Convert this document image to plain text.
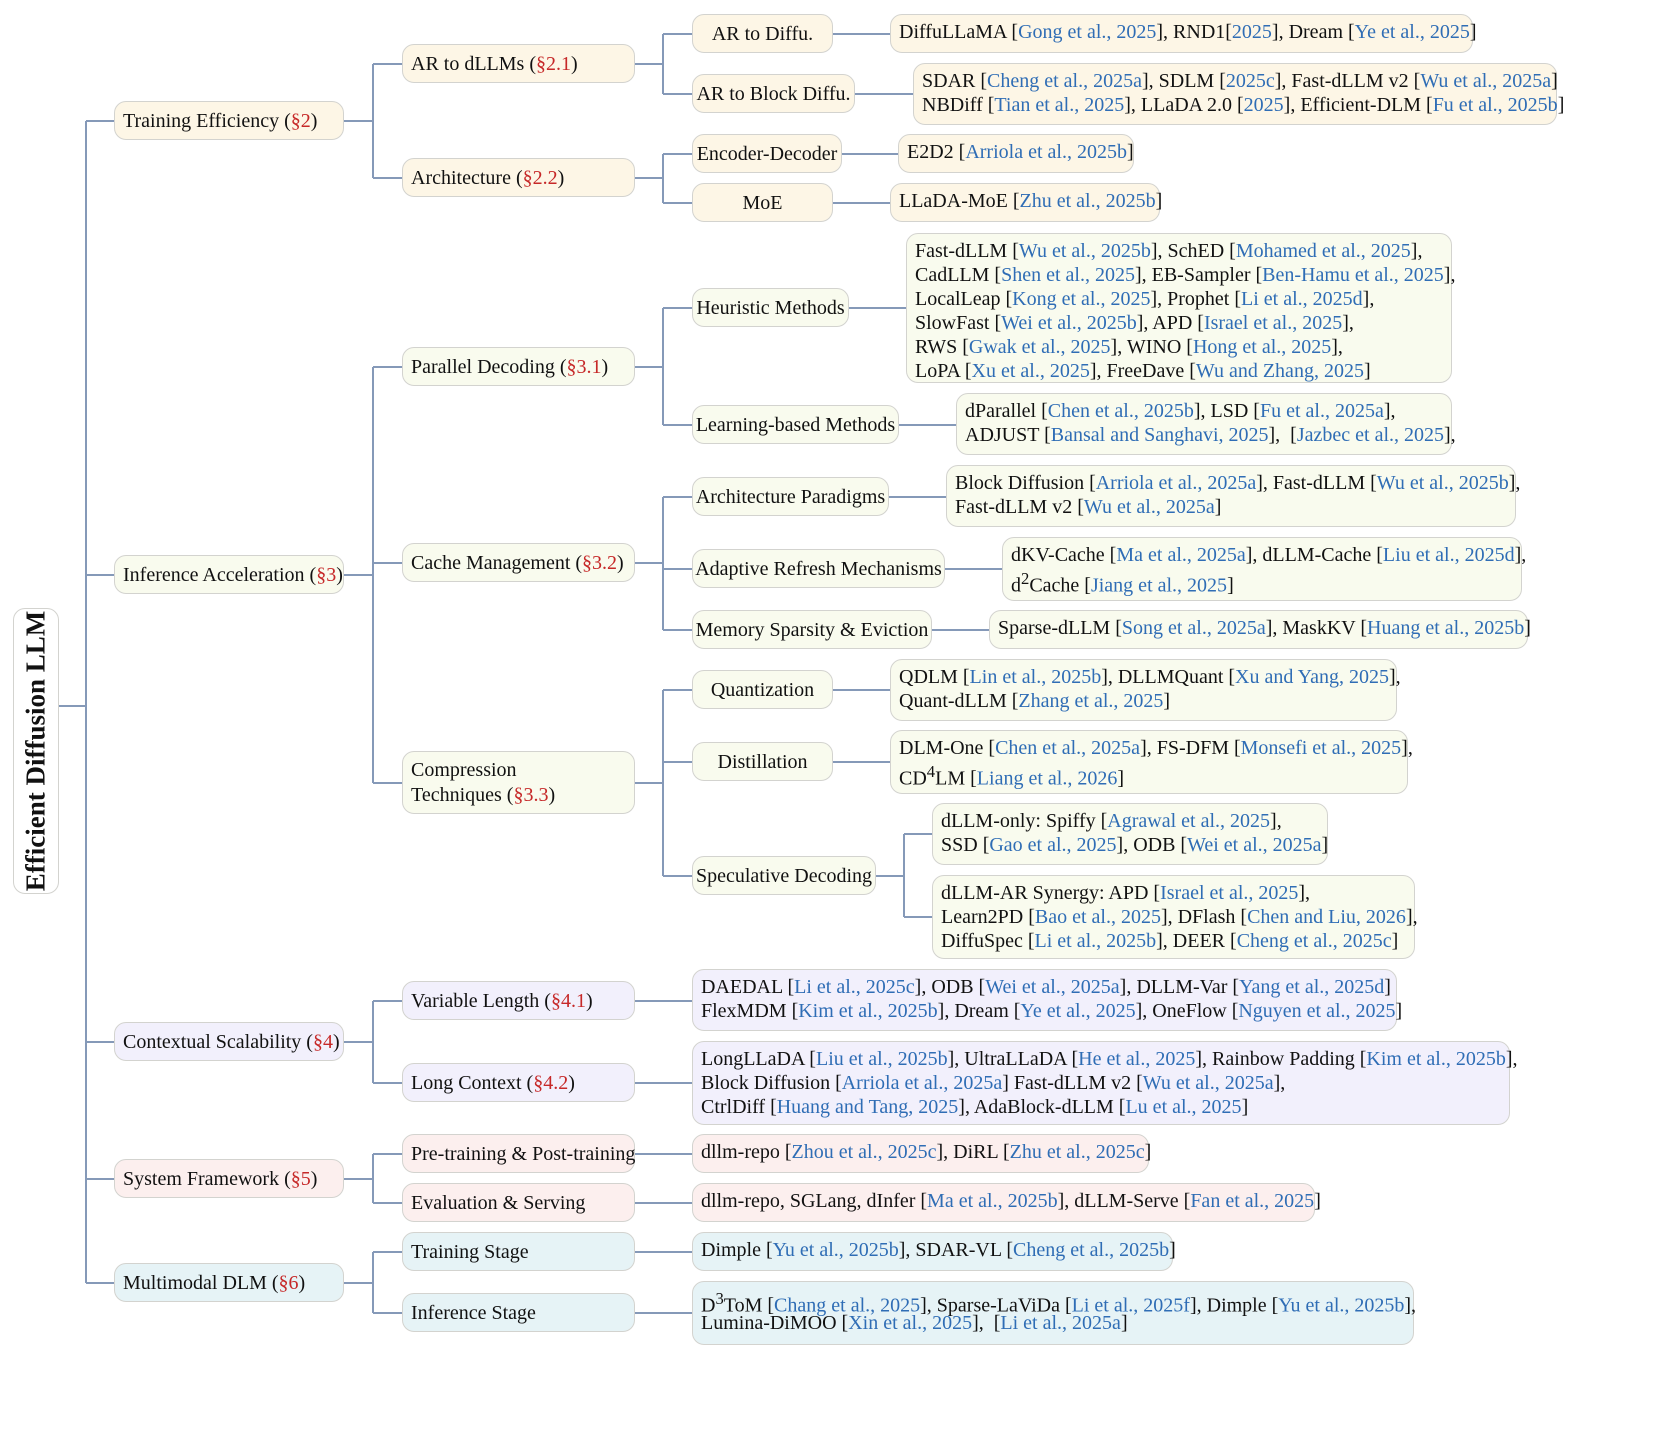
Efficient Diffusion LLM
Training Efficiency ( §2 )
AR to dLLMs ( §2.1 )
AR to Diffu.	DiffuLLaMA [Gong et al., 2025], RND1[2025], Dream [Ye et al., 2025]
AR to Block Diffu.
SDAR [Cheng et al., 2025a], SDLM [2025c], Fast-dLLM v2 [Wu et al., 2025a]
NBDiff [Tian et al., 2025], LLaDA 2.0 [2025], Efficient-DLM [Fu et al., 2025b]
Architecture ( §2.2 )
Encoder-Decoder	E2D2 [Arriola et al., 2025b]
MoE	LLaDA-MoE [Zhu et al., 2025b]
Inference Acceleration ( §3 )
Parallel Decoding ( §3.1 )
Heuristic Methods
Fast-dLLM [Wu et al., 2025b], SchED [Mohamed et al., 2025],
CadLLM [Shen et al., 2025], EB-Sampler [Ben-Hamu et al., 2025],
LocalLeap [Kong et al., 2025], Prophet [Li et al., 2025d],
SlowFast [Wei et al., 2025b], APD [Israel et al., 2025],
RWS [Gwak et al., 2025], WINO [Hong et al., 2025],
LoPA [Xu et al., 2025], FreeDave [Wu and Zhang, 2025]
Learning-based Methods
dParallel [Chen et al., 2025b], LSD [Fu et al., 2025a],
ADJUST [Bansal and Sanghavi, 2025],  [Jazbec et al., 2025],
Cache Management ( §3.2 )
Architecture Paradigms
Block Diffusion [Arriola et al., 2025a], Fast-dLLM [Wu et al., 2025b],
Fast-dLLM v2 [Wu et al., 2025a]
Adaptive Refresh Mechanisms
dKV-Cache [Ma et al., 2025a], dLLM-Cache [Liu et al., 2025d],
$d^2Cache$ [Jiang et al., 2025]
Memory Sparsity & Eviction	Sparse-dLLM [Song et al., 2025a], MaskKV [Huang et al., 2025b]
Compression
Techniques (§3.3)
Quantization
QDLM [Lin et al., 2025b], DLLMQuant [Xu and Yang, 2025],
Quant-dLLM [Zhang et al., 2025]
Distillation
DLM-One [Chen et al., 2025a], FS-DFM [Monsefi et al., 2025],
$CD^4LM$ [Liang et al., 2026]
Speculative Decoding
dLLM-only: Spiffy [Agrawal et al., 2025],
SSD [Gao et al., 2025], ODB [Wei et al., 2025a]
dLLM-AR Synergy: APD [Israel et al., 2025],
Learn2PD [Bao et al., 2025], DFlash [Chen and Liu, 2026],
DiffuSpec [Li et al., 2025b], DEER [Cheng et al., 2025c]
Contextual Scalability ( §4 )
Variable Length ( §4.1 )
DAEDAL [Li et al., 2025c], ODB [Wei et al., 2025a], DLLM-Var [Yang et al., 2025d]
FlexMDM [Kim et al., 2025b], Dream [Ye et al., 2025], OneFlow [Nguyen et al., 2025]
Long Context ( §4.2 )
LongLLaDA [Liu et al., 2025b], UltraLLaDA [He et al., 2025], Rainbow Padding [Kim et al., 2025b],
Block Diffusion [Arriola et al., 2025a] Fast-dLLM v2 [Wu et al., 2025a],
CtrlDiff [Huang and Tang, 2025], AdaBlock-dLLM [Lu et al., 2025]
System Framework ( §5 )
Pre-training & Post-training	dllm-repo [Zhou et al., 2025c], DiRL [Zhu et al., 2025c]
Evaluation & Serving	dllm-repo, SGLang, dInfer [Ma et al., 2025b], dLLM-Serve [Fan et al., 2025]
Multimodal DLM ( §6 )
Training Stage	Dimple [Yu et al., 2025b], SDAR-VL [Cheng et al., 2025b]
Inference Stage	$D^3ToM$ [Chang et al., 2025], Sparse-LaViDa [Li et al., 2025f], Dimple [Yu et al., 2025b],
Lumina-DiMOO [Xin et al., 2025],  [Li et al., 2025a]
